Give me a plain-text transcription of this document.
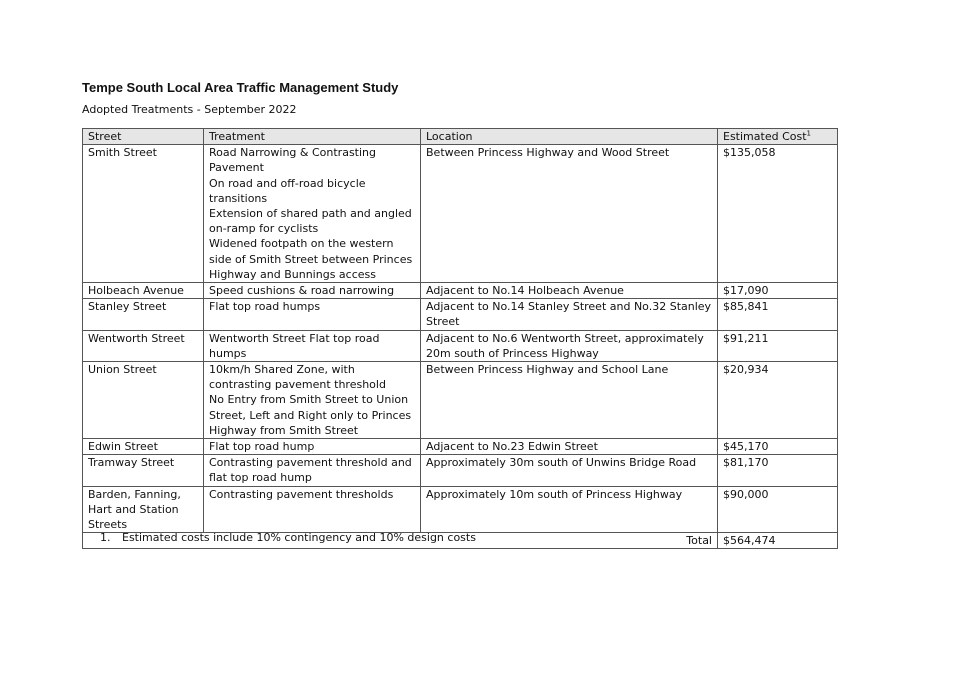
Tempe South Local Area Traffic Management Study
Adopted Treatments - September 2022
Street	Treatment	Location	Estimated Cost$^1$

Smith Street	Road Narrowing & Contrasting Pavement
On road and off-road bicycle transitions
Extension of shared path and angled on-ramp for cyclists
Widened footpath on the western side of Smith Street between Princes Highway and Bunnings access	Between Princess Highway and Wood Street	$135,058

Holbeach Avenue	Speed cushions & road narrowing	Adjacent to No.14 Holbeach Avenue	$17,090

Stanley Street	Flat top road humps	Adjacent to No.14 Stanley Street and No.32 Stanley Street	$85,841

Wentworth Street	Wentworth Street Flat top road humps	Adjacent to No.6 Wentworth Street, approximately 20m south of Princess Highway	$91,211

Union Street	10km/h Shared Zone, with contrasting pavement threshold
No Entry from Smith Street to Union Street, Left and Right only to Princes Highway from Smith Street	Between Princess Highway and School Lane	$20,934

Edwin Street	Flat top road hump	Adjacent to No.23 Edwin Street	$45,170

Tramway Street	Contrasting pavement threshold and flat top road hump	Approximately 30m south of Unwins Bridge Road	$81,170

Barden, Fanning, Hart and Station Streets	Contrasting pavement thresholds	Approximately 10m south of Princess Highway	$90,000
Total			$564,474
1. Estimated costs include 10% contingency and 10% design costs
